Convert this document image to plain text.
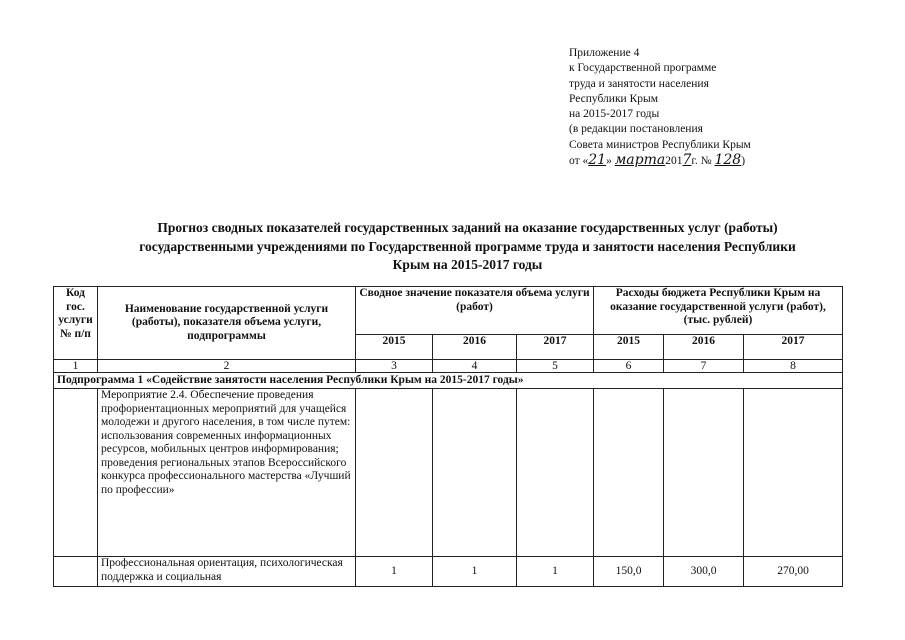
Приложение 4
к Государственной программе
труда и занятости населения
Республики Крым
на 2015-2017 годы
(в редакции постановления
Совета министров Республики Крым
от «21» марта2017г. № 128)
Прогноз сводных показателей государственных заданий на оказание государственных услуг (работы)
государственными учреждениями по Государственной программе труда и занятости населения Республики
Крым на 2015-2017 годы
Код гос. услуги № п/п	Наименование государственной услуги (работы), показателя объема услуги, подпрограммы	Сводное значение показателя объема услуги (работ)			Расходы бюджета Республики Крым на оказание государственной услуги (работ), (тыс. рублей)		
		2015	2016	2017	2015	2016	2017
1	2	3	4	5	6	7	8
Подпрограмма 1 «Содействие занятости населения Республики Крым на 2015-2017 годы»							
	Мероприятие 2.4. Обеспечение проведения профориентационных мероприятий для учащейся молодежи и другого населения, в том числе путем: использования современных информационных ресурсов, мобильных центров информирования; проведения региональных этапов Всероссийского конкурса профессионального мастерства «Лучший по профессии»						
	Профессиональная ориентация, психологическая поддержка и социальная	1	1	1	150,0	300,0	270,00
